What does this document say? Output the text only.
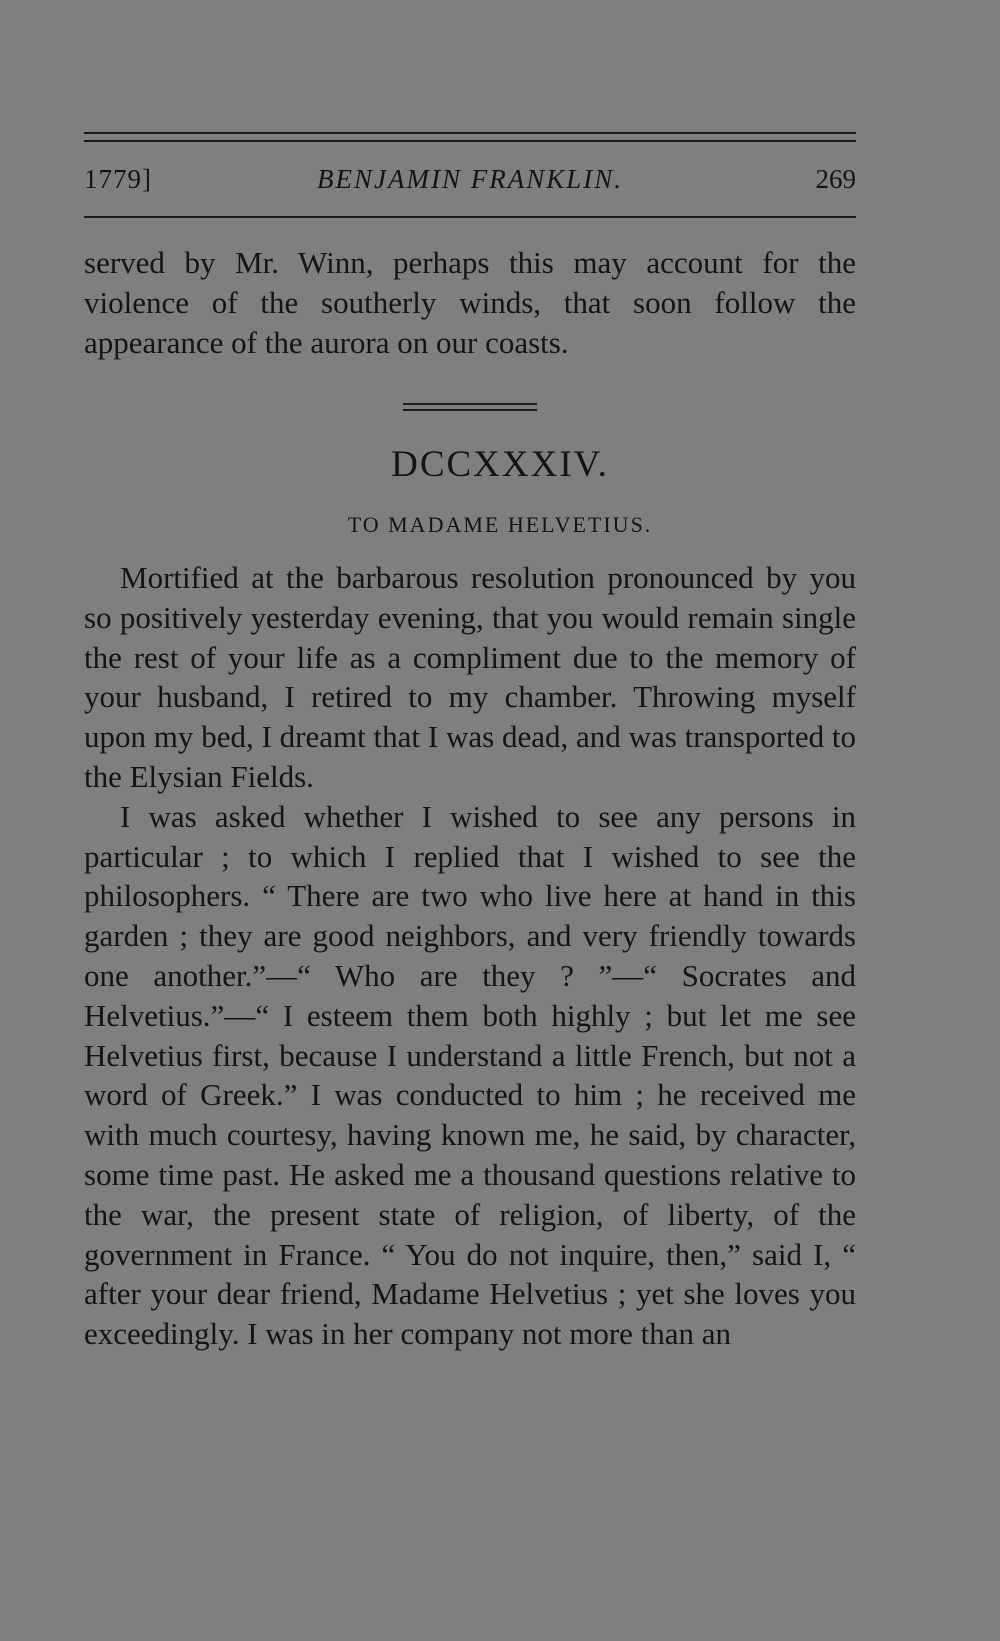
1779]	BENJAMIN FRANKLIN.	269

served by Mr. Winn, perhaps this may account for the violence of the southerly winds, that soon follow the appearance of the aurora on our coasts.

DCCXXXIV.
TO MADAME HELVETIUS.

Mortified at the barbarous resolution pronounced by you so positively yesterday evening, that you would remain single the rest of your life as a compliment due to the memory of your husband, I retired to my chamber. Throwing myself upon my bed, I dreamt that I was dead, and was transported to the Elysian Fields.

I was asked whether I wished to see any persons in particular ; to which I replied that I wished to see the philosophers. “ There are two who live here at hand in this garden ; they are good neighbors, and very friendly towards one another.”—“ Who are they ? ”—“ Socrates and Helvetius.”—“ I esteem them both highly ; but let me see Helvetius first, because I understand a little French, but not a word of Greek.” I was conducted to him ; he received me with much courtesy, having known me, he said, by character, some time past. He asked me a thousand questions relative to the war, the present state of religion, of liberty, of the government in France. “ You do not inquire, then,” said I, “ after your dear friend, Madame Helvetius ; yet she loves you exceedingly. I was in her company not more than an
